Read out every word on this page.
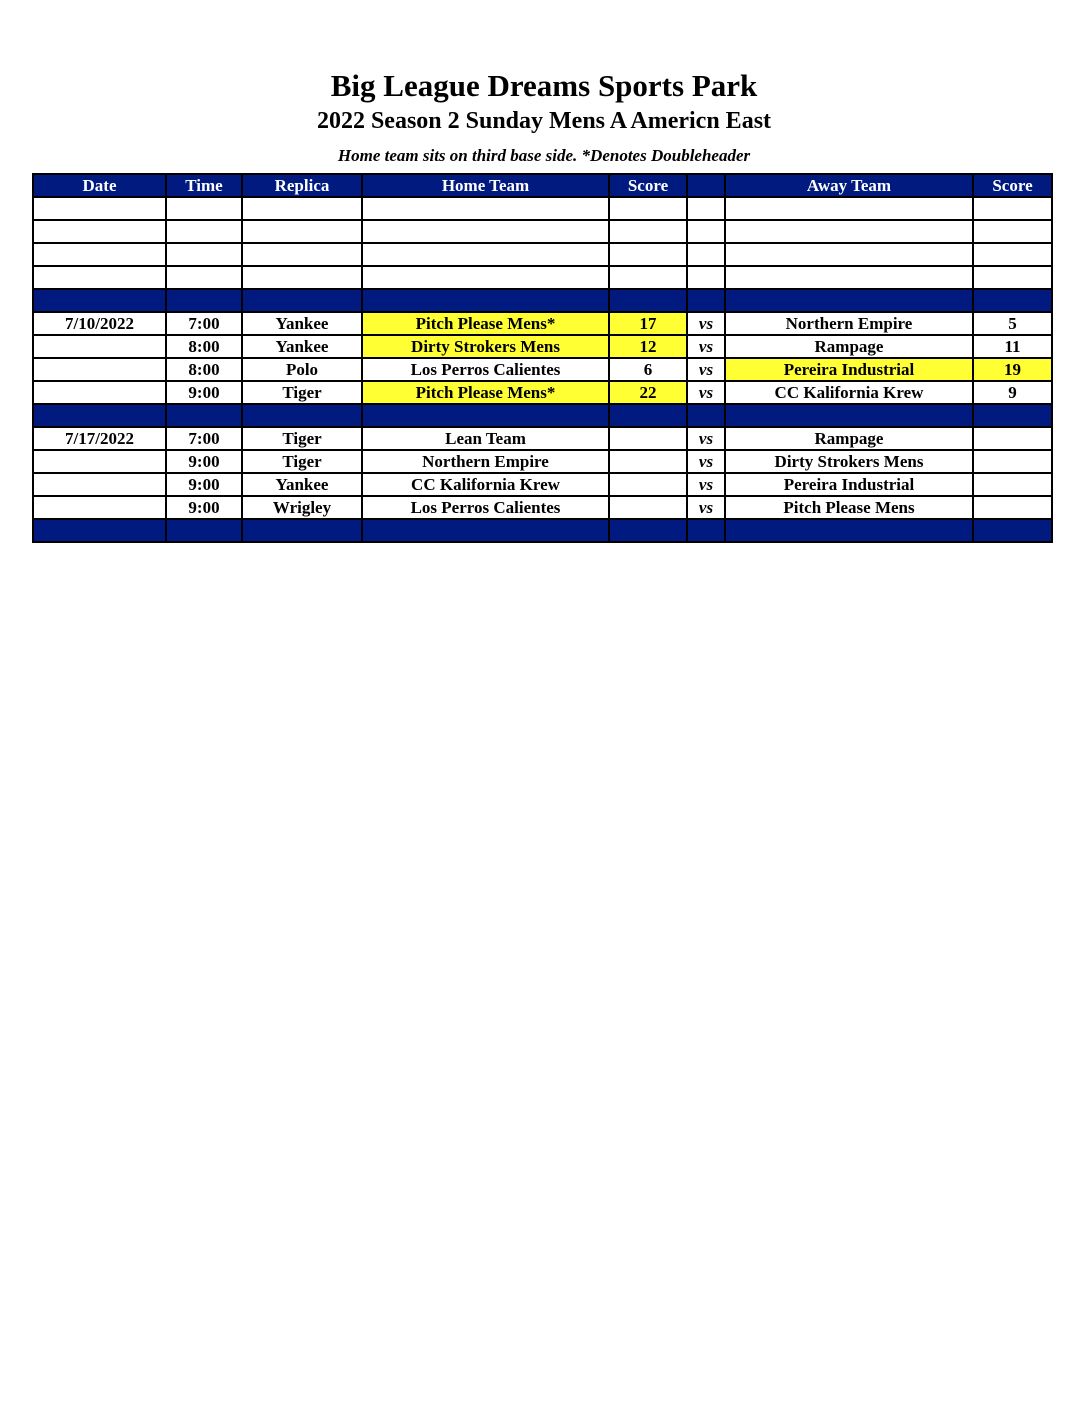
Big League Dreams Sports Park
2022 Season 2 Sunday Mens A Americn East
Home team sits on third base side. *Denotes Doubleheader
Date	Time	Replica	Home Team	Score		Away Team	Score

7/10/2022	7:00	Yankee	Pitch Please Mens*	17	vs	Northern Empire	5
	8:00	Yankee	Dirty Strokers Mens	12	vs	Rampage	11
	8:00	Polo	Los Perros Calientes	6	vs	Pereira Industrial	19
	9:00	Tiger	Pitch Please Mens*	22	vs	CC Kalifornia Krew	9

7/17/2022	7:00	Tiger	Lean Team		vs	Rampage	
	9:00	Tiger	Northern Empire		vs	Dirty Strokers Mens	
	9:00	Yankee	CC Kalifornia Krew		vs	Pereira Industrial	
	9:00	Wrigley	Los Perros Calientes		vs	Pitch Please Mens	
